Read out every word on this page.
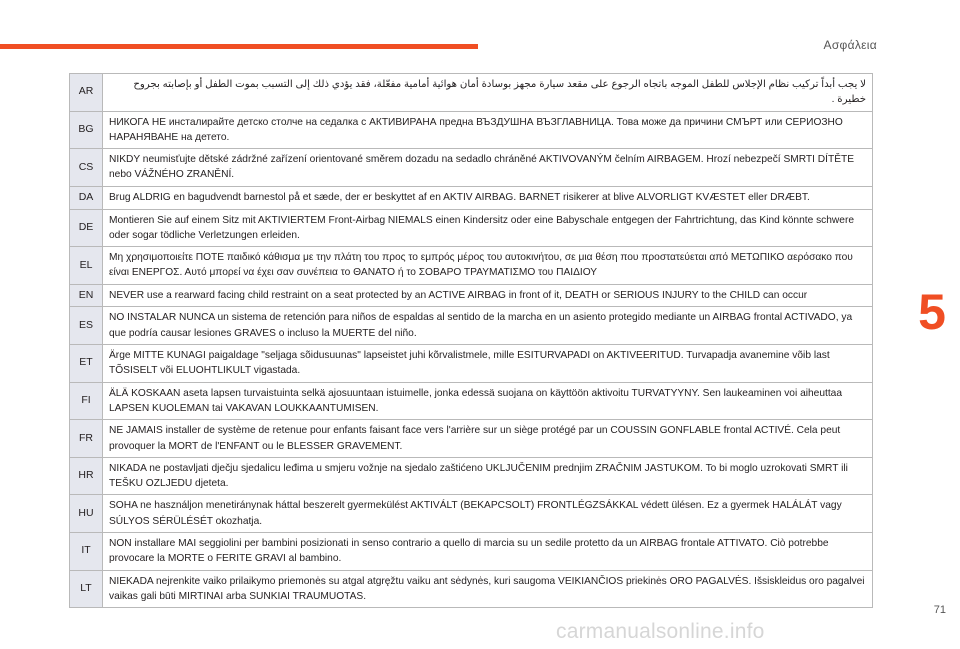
Ασφάλεια
5
AR	لا يجب أبداً تركيب نظام الإجلاس للطفل الموجه باتجاه الرجوع على مقعد سيارة مجهز بوسادة أمان هوائية أمامية مفعّلة، فقد يؤدي ذلك إلى التسبب بموت الطفل أو بإصابته بجروح خطيرة .
BG	НИКОГА НЕ инсталирайте детско столче на седалка с АКТИВИРАНА предна ВЪЗДУШНА ВЪЗГЛАВНИЦА. Това може да причини СМЪРТ или СЕРИОЗНО НАРАНЯВАНЕ на детето.
CS	NIKDY neumisťujte dětské zádržné zařízení orientované směrem dozadu na sedadlo chráněné AKTIVOVANÝM čelním AIRBAGEM. Hrozí nebezpečí SMRTI DÍTĚTE nebo VÁŽNÉHO ZRANĚNÍ.
DA	Brug ALDRIG en bagudvendt barnestol på et sæde, der er beskyttet af en AKTIV AIRBAG. BARNET risikerer at blive ALVORLIGT KVÆSTET eller DRÆBT.
DE	Montieren Sie auf einem Sitz mit AKTIVIERTEM Front-Airbag NIEMALS einen Kindersitz oder eine Babyschale entgegen der Fahrtrichtung, das Kind könnte schwere oder sogar tödliche Verletzungen erleiden.
EL	Μη χρησιμοποιείτε ΠΟΤΕ παιδικό κάθισμα με την πλάτη του προς το εμπρός μέρος του αυτοκινήτου, σε μια θέση που προστατεύεται από ΜΕΤΩΠΙΚΟ αερόσακο που είναι ΕΝΕΡΓΟΣ. Αυτό μπορεί να έχει σαν συνέπεια το ΘΑΝΑΤΟ ή το ΣΟΒΑΡΟ ΤΡΑΥΜΑΤΙΣΜΟ του ΠΑΙΔΙΟΥ
EN	NEVER use a rearward facing child restraint on a seat protected by an ACTIVE AIRBAG in front of it, DEATH or SERIOUS INJURY to the CHILD can occur
ES	NO INSTALAR NUNCA un sistema de retención para niños de espaldas al sentido de la marcha en un asiento protegido mediante un AIRBAG frontal ACTIVADO, ya que podría causar lesiones GRAVES o incluso la MUERTE del niño.
ET	Ärge MITTE KUNAGI paigaldage "seljaga sõidusuunas" lapseistet juhi kõrvalistmele, mille ESITURVAPADI on AKTIVEERITUD. Turvapadja avanemine võib last TÕSISELT või ELUOHTLIKULT vigastada.
FI	ÄLÄ KOSKAAN aseta lapsen turvaistuinta selkä ajosuuntaan istuimelle, jonka edessä suojana on käyttöön aktivoitu TURVATYYNY. Sen laukeaminen voi aiheuttaa LAPSEN KUOLEMAN tai VAKAVAN LOUKKAANTUMISEN.
FR	NE JAMAIS installer de système de retenue pour enfants faisant face vers l'arrière sur un siège protégé par un COUSSIN GONFLABLE frontal ACTIVÉ. Cela peut provoquer la MORT de l'ENFANT ou le BLESSER GRAVEMENT.
HR	NIKADA ne postavljati dječju sjedalicu leđima u smjeru vožnje na sjedalo zaštićeno UKLJUČENIM prednjim ZRAČNIM JASTUKOM. To bi moglo uzrokovati SMRT ili TEŠKU OZLJEDU djeteta.
HU	SOHA ne használjon menetiránynak háttal beszerelt gyermekülést AKTIVÁLT (BEKAPCSOLT) FRONTLÉGZSÁKKAL védett ülésen. Ez a gyermek HALÁLÁT vagy SÚLYOS SÉRÜLÉSÉT okozhatja.
IT	NON installare MAI seggiolini per bambini posizionati in senso contrario a quello di marcia su un sedile protetto da un AIRBAG frontale ATTIVATO. Ciò potrebbe provocare la MORTE o FERITE GRAVI al bambino.
LT	NIEKADA nejrenkite vaiko prilaikymo priemonės su atgal atgręžtu vaiku ant sėdynės, kuri saugoma VEIKIANČIOS priekinės ORO PAGALVĖS. Išsiskleidus oro pagalvei vaikas gali būti MIRTINAI arba SUNKIAI TRAUMUOTAS.
71
carmanualsonline.info
